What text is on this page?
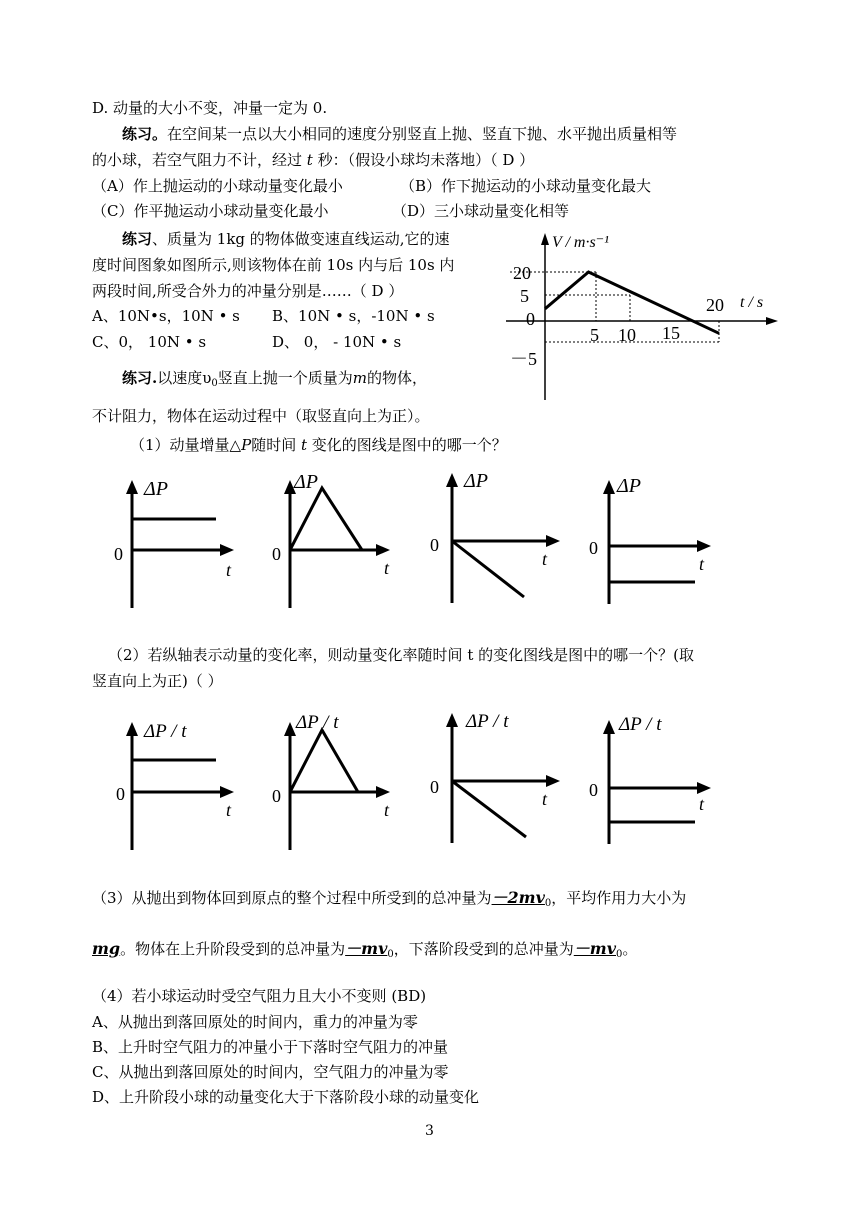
D. 动量的大小不变，冲量一定为 0.
练习。在空间某一点以大小相同的速度分别竖直上抛、竖直下抛、水平抛出质量相等
的小球，若空气阻力不计，经过 t 秒：（假设小球均未落地）（ D ）
（A）作上抛运动的小球动量变化最小	（B）作下抛运动的小球动量变化最大
（C）作平抛运动小球动量变化最小	（D）三小球动量变化相等
练习、质量为 1kg 的物体做变速直线运动,它的速
度时间图象如图所示,则该物体在前 10s 内与后 10s 内
两段时间,所受合外力的冲量分别是……（ D ）
A、10N•s，10N • s B、10N • s，-10N • s
C、0， 10N • s	D、 0， - 10N • s
练习.以速度$\upsilon_0$竖直上抛一个质量为m的物体，
不计阻力，物体在运动过程中（取竖直向上为正）。
（1）动量增量△P随时间 t 变化的图线是图中的哪一个？
V / m·s⁻¹
t / s
20
5
0
－5
5 10 15
20
ΔP
0
t
ΔP
0
t
ΔP
0
t
ΔP
0
t
（2）若纵轴表示动量的变化率，则动量变化率随时间 t 的变化图线是图中的哪一个？(取
竖直向上为正)（ ）
ΔP / t
0
t
ΔP / t
0
t
ΔP / t
0
t
ΔP / t
0
t
（3）从抛出到物体回到原点的整个过程中所受到的总冲量为$-2mv_0$，平均作用力大小为
mg。物体在上升阶段受到的总冲量为$-mv_0$，下落阶段受到的总冲量为$-mv_0$。
（4）若小球运动时受空气阻力且大小不变则 (BD)
A、从抛出到落回原处的时间内，重力的冲量为零
B、上升时空气阻力的冲量小于下落时空气阻力的冲量
C、从抛出到落回原处的时间内，空气阻力的冲量为零
D、上升阶段小球的动量变化大于下落阶段小球的动量变化
3
